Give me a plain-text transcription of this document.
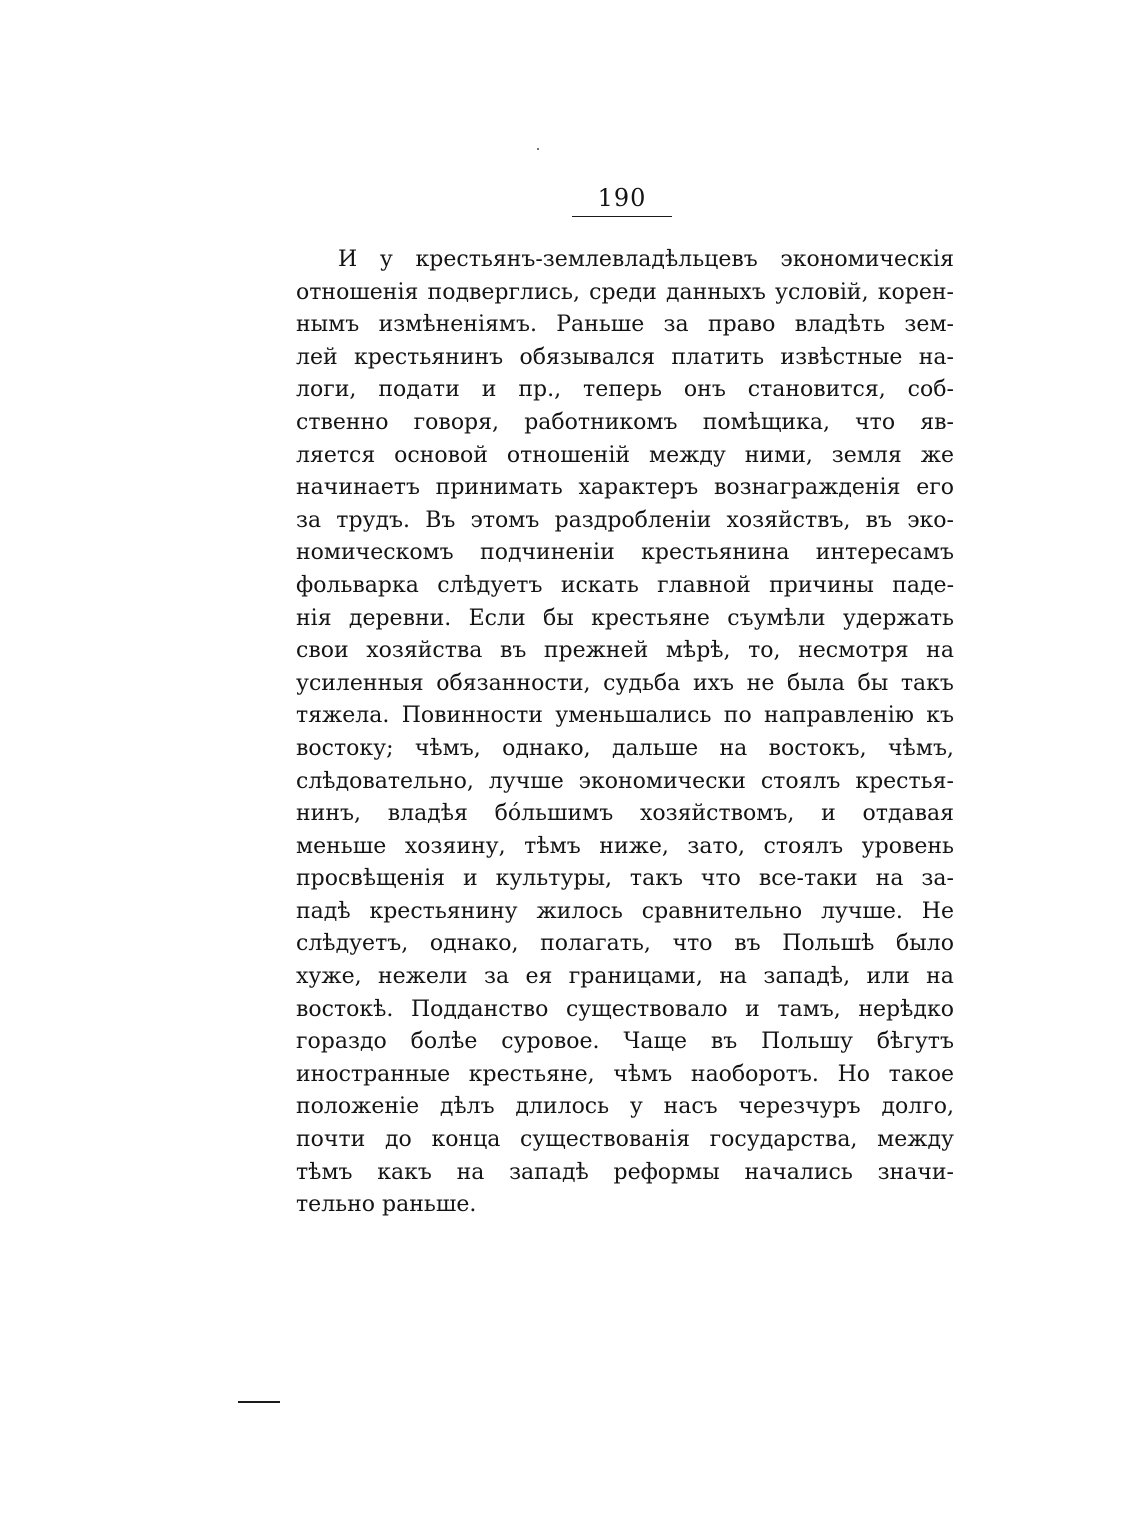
190
И у крестьянъ-землевладѣльцевъ экономическія
отношенія подверглись, среди данныхъ условій, корен-
нымъ измѣненіямъ. Раньше за право владѣть зем-
лей крестьянинъ обязывался платить извѣстные на-
логи, подати и пр., теперь онъ становится, соб-
ственно говоря, работникомъ помѣщика, что яв-
ляется основой отношеній между ними, земля же
начинаетъ принимать характеръ вознагражденія его
за трудъ. Въ этомъ раздробленіи хозяйствъ, въ эко-
номическомъ подчиненіи крестьянина интересамъ
фольварка слѣдуетъ искать главной причины паде-
нія деревни. Если бы крестьяне съумѣли удержать
свои хозяйства въ прежней мѣрѣ, то, несмотря на
усиленныя обязанности, судьба ихъ не была бы такъ
тяжела. Повинности уменьшались по направленію къ
востоку; чѣмъ, однако, дальше на востокъ, чѣмъ,
слѣдовательно, лучше экономически стоялъ крестья-
нинъ, владѣя бóльшимъ хозяйствомъ, и отдавая
меньше хозяину, тѣмъ ниже, зато, стоялъ уровень
просвѣщенія и культуры, такъ что все-таки на за-
падѣ крестьянину жилось сравнительно лучше. Не
слѣдуетъ, однако, полагать, что въ Польшѣ было
хуже, нежели за ея границами, на западѣ, или на
востокѣ. Подданство существовало и тамъ, нерѣдко
гораздо болѣе суровое. Чаще въ Польшу бѣгутъ
иностранные крестьяне, чѣмъ наоборотъ. Но такое
положеніе дѣлъ длилось у насъ черезчуръ долго,
почти до конца существованія государства, между
тѣмъ какъ на западѣ реформы начались значи-
тельно раньше.
